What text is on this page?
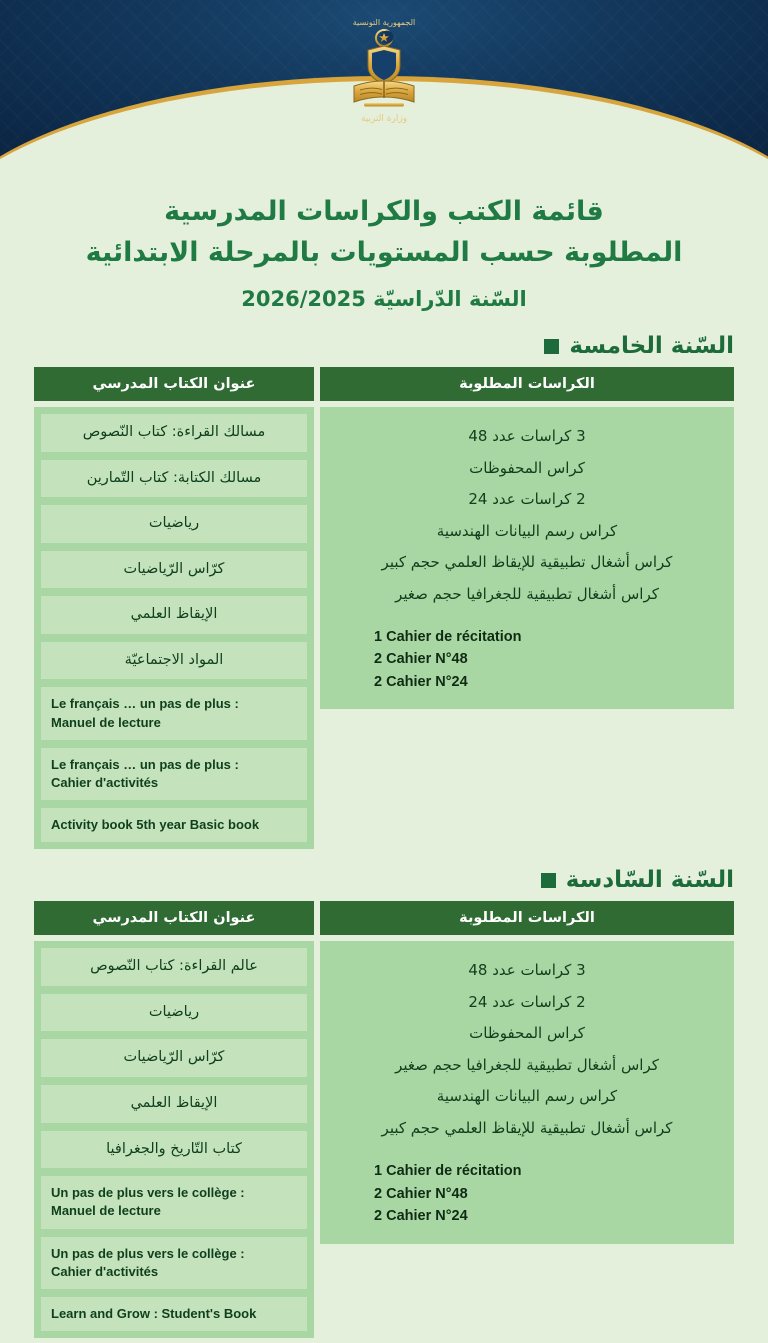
الجمهورية التونسية
وزارة التربية
قائمة الكتب والكراسات المدرسية
المطلوبة حسب المستويات بالمرحلة الابتدائية
السّنة الدّراسيّة 2026/2025
السّنة الخامسة
الكراسات المطلوبة
3 كراسات عدد 48
كراس المحفوظات
2 كراسات عدد 24
كراس رسم البيانات الهندسية
كراس أشغال تطبيقية للإيقاظ العلمي حجم كبير
كراس أشغال تطبيقية للجغرافيا حجم صغير
1 Cahier de récitation
2 Cahier N°48
2 Cahier N°24
عنوان الكتاب المدرسي
مسالك القراءة: كتاب النّصوص
مسالك الكتابة: كتاب التّمارين
رياضيات
كرّاس الرّياضيات
الإيقاظ العلمي
المواد الاجتماعيّة
Le français … un pas de plus :
Manuel de lecture
Le français … un pas de plus :
Cahier d'activités
Activity book 5th year Basic book
السّنة السّادسة
الكراسات المطلوبة
3 كراسات عدد 48
2 كراسات عدد 24
كراس المحفوظات
كراس أشغال تطبيقية للجغرافيا حجم صغير
كراس رسم البيانات الهندسية
كراس أشغال تطبيقية للإيقاظ العلمي حجم كبير
1 Cahier de récitation
2 Cahier N°48
2 Cahier N°24
عنوان الكتاب المدرسي
عالم القراءة: كتاب النّصوص
رياضيات
كرّاس الرّياضيات
الإيقاظ العلمي
كتاب التّاريخ والجغرافيا
Un pas de plus vers le collège :
Manuel de lecture
Un pas de plus vers le collège :
Cahier d'activités
Learn and Grow : Student's Book
